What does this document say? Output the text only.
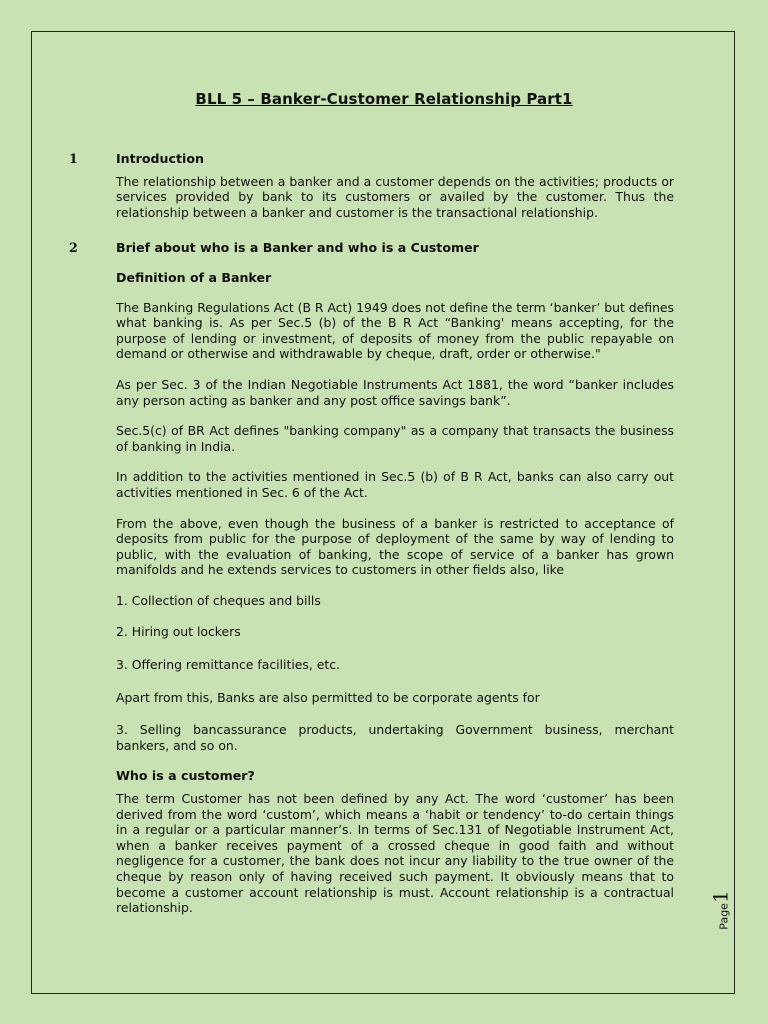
BLL 5 – Banker-Customer Relationship Part1
1	Introduction

The relationship between a banker and a customer depends on the activities; products or services provided by bank to its customers or availed by the customer. Thus the relationship between a banker and customer is the transactional relationship.

2	Brief about who is a Banker and who is a Customer
Definition of a Banker

The Banking Regulations Act (B R Act) 1949 does not define the term ‘banker’ but defines what banking is. As per Sec.5 (b) of the B R Act “Banking' means accepting, for the purpose of lending or investment, of deposits of money from the public repayable on demand or otherwise and withdrawable by cheque, draft, order or otherwise."

As per Sec. 3 of the Indian Negotiable Instruments Act 1881, the word “banker includes any person acting as banker and any post office savings bank”.

Sec.5(c) of BR Act defines "banking company" as a company that transacts the business of banking in India.

In addition to the activities mentioned in Sec.5 (b) of B R Act, banks can also carry out activities mentioned in Sec. 6 of the Act.

From the above, even though the business of a banker is restricted to acceptance of deposits from public for the purpose of deployment of the same by way of lending to public, with the evaluation of banking, the scope of service of a banker has grown manifolds and he extends services to customers in other fields also, like

1. Collection of cheques and bills

2. Hiring out lockers

3. Offering remittance facilities, etc.

Apart from this, Banks are also permitted to be corporate agents for

3. Selling bancassurance products, undertaking Government business, merchant bankers, and so on.

Who is a customer?

The term Customer has not been defined by any Act. The word ‘customer’ has been derived from the word ‘custom’, which means a ‘habit or tendency’ to-do certain things in a regular or a particular manner’s. In terms of Sec.131 of Negotiable Instrument Act, when a banker receives payment of a crossed cheque in good faith and without negligence for a customer, the bank does not incur any liability to the true owner of the cheque by reason only of having received such payment. It obviously means that to become a customer account relationship is must. Account relationship is a contractual relationship.	Page1
